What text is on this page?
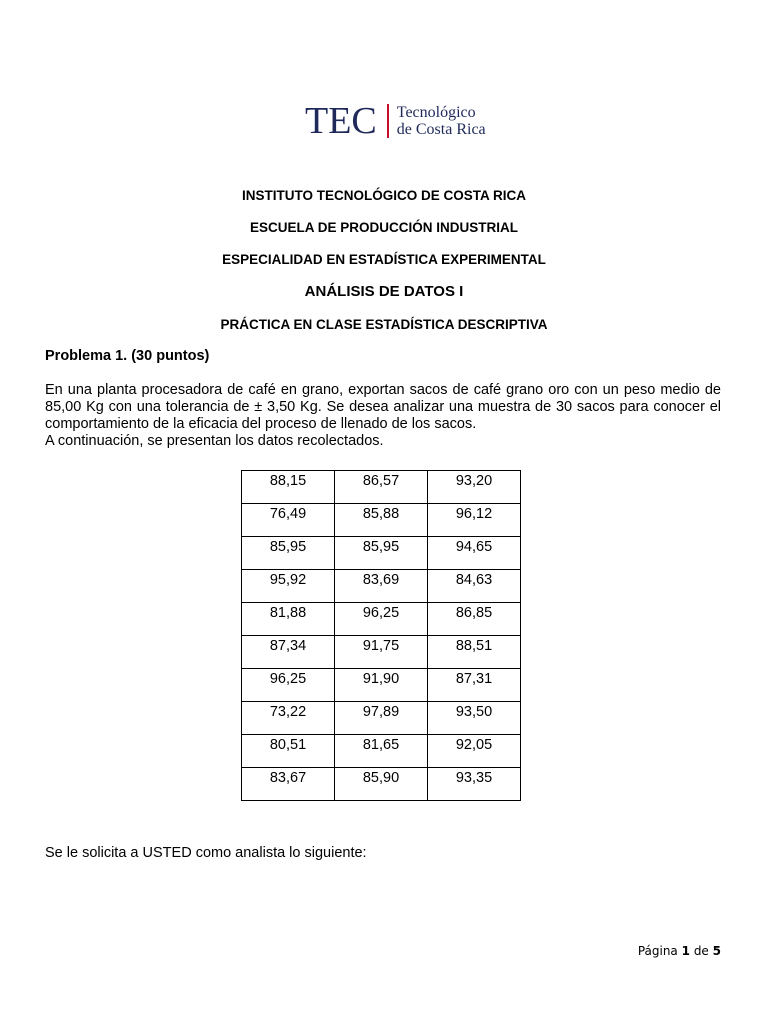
TEC Tecnológico
de Costa Rica
INSTITUTO TECNOLÓGICO DE COSTA RICA
ESCUELA DE PRODUCCIÓN INDUSTRIAL
ESPECIALIDAD EN ESTADÍSTICA EXPERIMENTAL
ANÁLISIS DE DATOS I
PRÁCTICA EN CLASE ESTADÍSTICA DESCRIPTIVA
Problema 1. (30 puntos)

En una planta procesadora de café en grano, exportan sacos de café grano oro con un peso medio de 85,00 Kg con una tolerancia de ± 3,50 Kg. Se desea analizar una muestra de 30 sacos para conocer el comportamiento de la eficacia del proceso de llenado de los sacos.

A continuación, se presentan los datos recolectados.

88,15	86,57	93,20
76,49	85,88	96,12
85,95	85,95	94,65
95,92	83,69	84,63
81,88	96,25	86,85
87,34	91,75	88,51
96,25	91,90	87,31
73,22	97,89	93,50
80,51	81,65	92,05
83,67	85,90	93,35
Se le solicita a USTED como analista lo siguiente:
Página 1 de 5
